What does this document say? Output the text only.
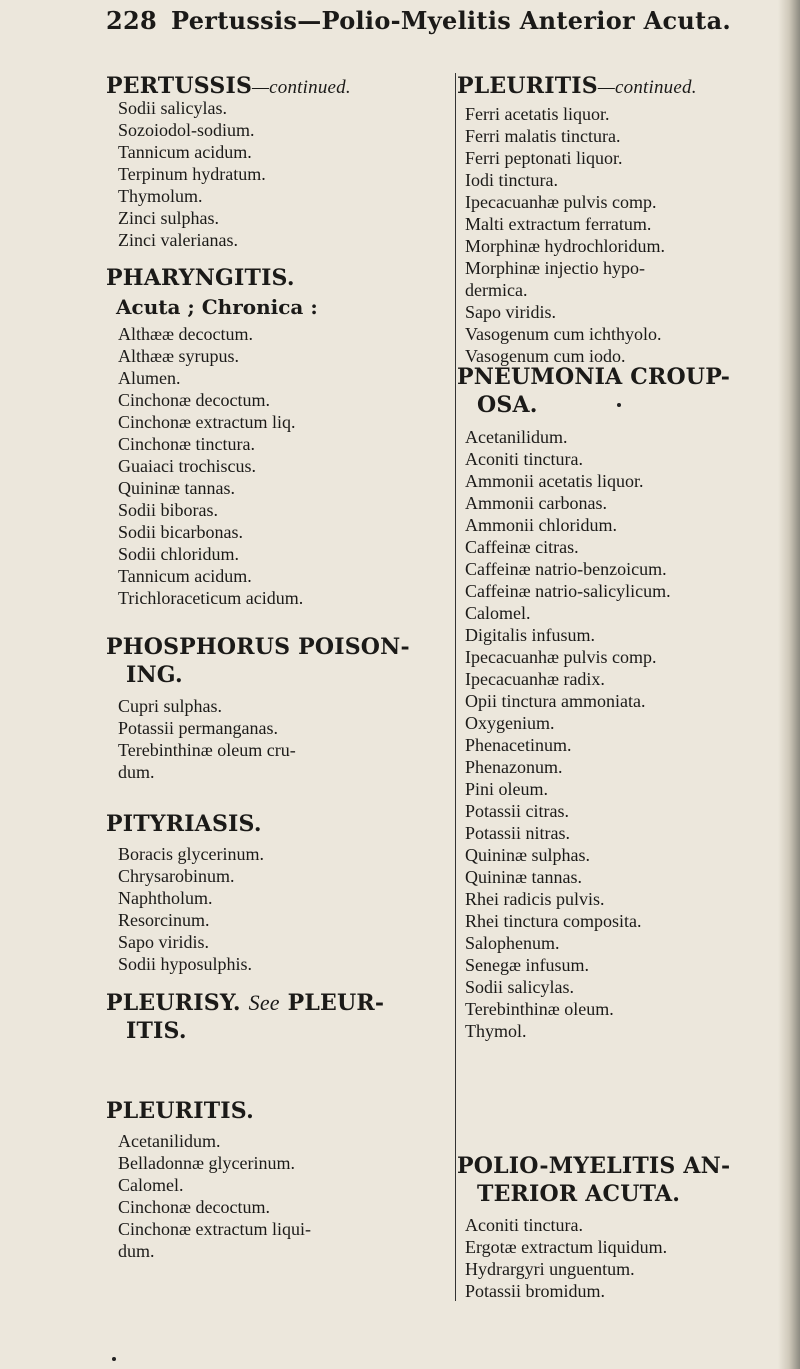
228 Pertussis—Polio-Myelitis Anterior Acuta.
PERTUSSIS—continued.
Sodii salicylas.
Sozoiodol-sodium.
Tannicum acidum.
Terpinum hydratum.
Thymolum.
Zinci sulphas.
Zinci valerianas.
PHARYNGITIS.
Acuta ; Chronica :
Althææ decoctum.
Althææ syrupus.
Alumen.
Cinchonæ decoctum.
Cinchonæ extractum liq.
Cinchonæ tinctura.
Guaiaci trochiscus.
Quininæ tannas.
Sodii biboras.
Sodii bicarbonas.
Sodii chloridum.
Tannicum acidum.
Trichloraceticum acidum.
PHOSPHORUS POISON-
ING.
Cupri sulphas.
Potassii permanganas.
Terebinthinæ oleum cru-
dum.
PITYRIASIS.
Boracis glycerinum.
Chrysarobinum.
Naphtholum.
Resorcinum.
Sapo viridis.
Sodii hyposulphis.
PLEURISY. See PLEUR-
ITIS.
PLEURITIS.
Acetanilidum.
Belladonnæ glycerinum.
Calomel.
Cinchonæ decoctum.
Cinchonæ extractum liqui-
dum.
PLEURITIS—continued.
Ferri acetatis liquor.
Ferri malatis tinctura.
Ferri peptonati liquor.
Iodi tinctura.
Ipecacuanhæ pulvis comp.
Malti extractum ferratum.
Morphinæ hydrochloridum.
Morphinæ injectio hypo-
dermica.
Sapo viridis.
Vasogenum cum ichthyolo.
Vasogenum cum iodo.
PNEUMONIA CROUP-
OSA.
Acetanilidum.
Aconiti tinctura.
Ammonii acetatis liquor.
Ammonii carbonas.
Ammonii chloridum.
Caffeinæ citras.
Caffeinæ natrio-benzoicum.
Caffeinæ natrio-salicylicum.
Calomel.
Digitalis infusum.
Ipecacuanhæ pulvis comp.
Ipecacuanhæ radix.
Opii tinctura ammoniata.
Oxygenium.
Phenacetinum.
Phenazonum.
Pini oleum.
Potassii citras.
Potassii nitras.
Quininæ sulphas.
Quininæ tannas.
Rhei radicis pulvis.
Rhei tinctura composita.
Salophenum.
Senegæ infusum.
Sodii salicylas.
Terebinthinæ oleum.
Thymol.
POLIO-MYELITIS AN-
TERIOR ACUTA.
Aconiti tinctura.
Ergotæ extractum liquidum.
Hydrargyri unguentum.
Potassii bromidum.
